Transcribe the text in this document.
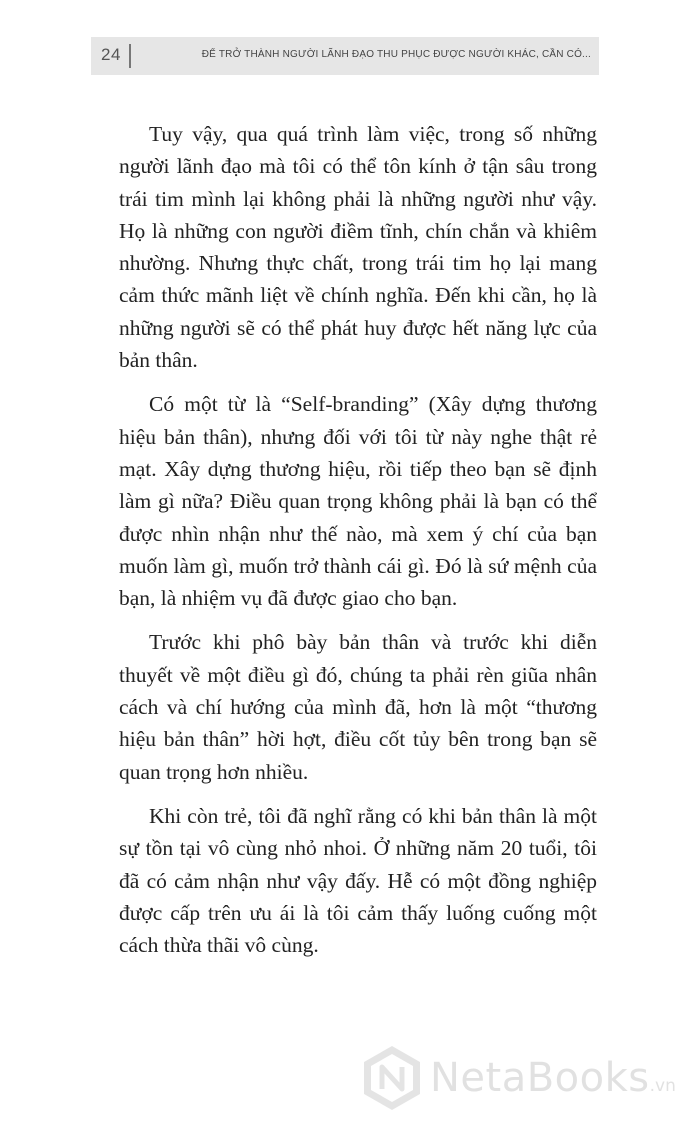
24	ĐỂ TRỞ THÀNH NGƯỜI LÃNH ĐẠO THU PHỤC ĐƯỢC NGƯỜI KHÁC, CẦN CÓ...

Tuy vậy, qua quá trình làm việc, trong số những người lãnh đạo mà tôi có thể tôn kính ở tận sâu trong trái tim mình lại không phải là những người như vậy. Họ là những con người điềm tĩnh, chín chắn và khiêm nhường. Nhưng thực chất, trong trái tim họ lại mang cảm thức mãnh liệt về chính nghĩa. Đến khi cần, họ là những người sẽ có thể phát huy được hết năng lực của bản thân.

Có một từ là “Self-branding” (Xây dựng thương hiệu bản thân), nhưng đối với tôi từ này nghe thật rẻ mạt. Xây dựng thương hiệu, rồi tiếp theo bạn sẽ định làm gì nữa? Điều quan trọng không phải là bạn có thể được nhìn nhận như thế nào, mà xem ý chí của bạn muốn làm gì, muốn trở thành cái gì. Đó là sứ mệnh của bạn, là nhiệm vụ đã được giao cho bạn.

Trước khi phô bày bản thân và trước khi diễn thuyết về một điều gì đó, chúng ta phải rèn giũa nhân cách và chí hướng của mình đã, hơn là một “thương hiệu bản thân” hời hợt, điều cốt tủy bên trong bạn sẽ quan trọng hơn nhiều.

Khi còn trẻ, tôi đã nghĩ rằng có khi bản thân là một sự tồn tại vô cùng nhỏ nhoi. Ở những năm 20 tuổi, tôi đã có cảm nhận như vậy đấy. Hễ có một đồng nghiệp được cấp trên ưu ái là tôi cảm thấy luống cuống một cách thừa thãi vô cùng.

NetaBooks.vn
